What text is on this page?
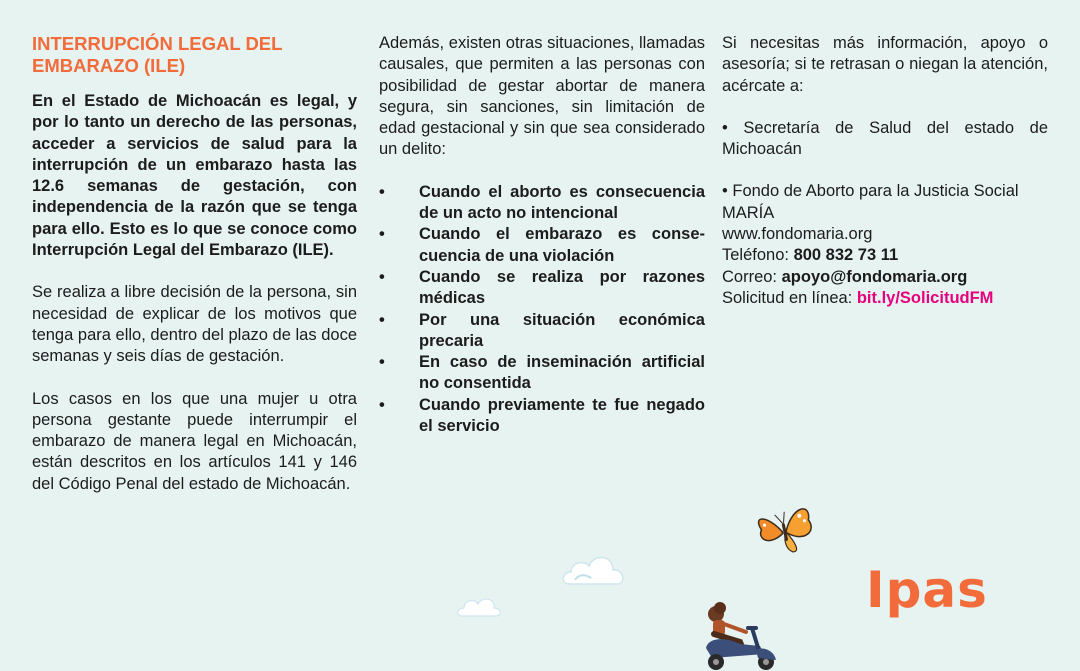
INTERRUPCIÓN LEGAL DEL
EMBARAZO (ILE)

En el Estado de Michoacán es legal, y por lo tanto un derecho de las personas, acceder a servicios de salud para la interrupción de un embarazo hasta las 12.6 semanas de gestación, con independencia de la razón que se tenga para ello. Esto es lo que se conoce como Interrupción Legal del Embarazo (ILE).

Se realiza a libre decisión de la persona, sin necesidad de explicar de los motivos que tenga para ello, dentro del plazo de las doce semanas y seis días de gestación.

Los casos en los que una mujer u otra persona gestante puede interrumpir el embarazo de manera legal en Michoacán, están descritos en los artículos 141 y 146 del Código Penal del estado de Michoacán.

Además, existen otras situaciones, llamadas causales, que permiten a las personas con posibilidad de gestar abortar de manera segura, sin sanciones, sin limitación de edad gestacional y sin que sea considerado un delito:

• Cuando el aborto es consecuencia de un acto no intencional
• Cuando el embarazo es conse-cuencia de una violación
• Cuando se realiza por razones médicas
• Por una situación económica precaria
• En caso de inseminación artificial no consentida
• Cuando previamente te fue negado el servicio

Si necesitas más información, apoyo o asesoría; si te retrasan o niegan la atención, acércate a:

• Secretaría de Salud del estado de Michoacán

• Fondo de Aborto para la Justicia Social
MARÍA

www.fondomaria.org

Teléfono: 800 832 73 11

Correo: apoyo@fondomaria.org

Solicitud en línea: bit.ly/SolicitudFM

Ipas
